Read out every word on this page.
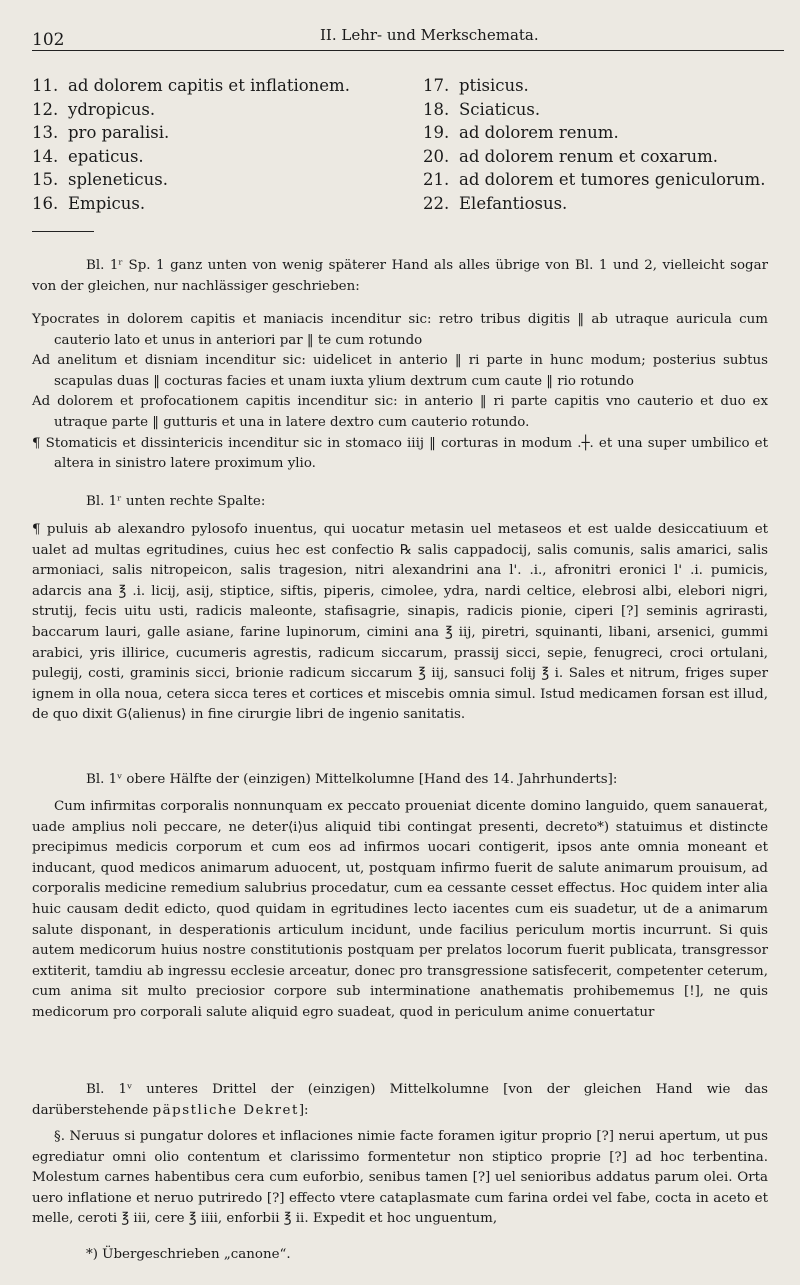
102	II. Lehr- und Merkschemata.
11. ad dolorem capitis et inflationem.
12. ydropicus.
13. pro paralisi.
14. epaticus.
15. spleneticus.
16. Empicus.
17. ptisicus.
18. Sciaticus.
19. ad dolorem renum.
20. ad dolorem renum et coxarum.
21. ad dolorem et tumores geniculorum.
22. Elefantiosus.

Bl. 1ʳ Sp. 1 ganz unten von wenig späterer Hand als alles übrige von Bl. 1 und 2, vielleicht sogar von der gleichen, nur nachlässiger geschrieben:

Ypocrates in dolorem capitis et maniacis incenditur sic: retro tribus digitis ‖ ab utraque auricula cum cauterio lato et unus in anteriori par ‖ te cum rotundo

Ad anelitum et disniam incenditur sic: uidelicet in anterio ‖ ri parte in hunc modum; posterius subtus scapulas duas ‖ cocturas facies et unam iuxta ylium dextrum cum caute ‖ rio rotundo

Ad dolorem et profocationem capitis incenditur sic: in anterio ‖ ri parte capitis vno cauterio et duo ex utraque parte ‖ gutturis et una in latere dextro cum cauterio rotundo.

¶ Stomaticis et dissintericis incenditur sic in stomaco iiij ‖ corturas in modum .┼. et una super umbilico et altera in sinistro latere proximum ylio.

Bl. 1ʳ unten rechte Spalte:

¶ puluis ab alexandro pylosofo inuentus, qui uocatur metasin uel metaseos et est ualde desiccatiuum et ualet ad multas egritudines, cuius hec est confectio ℞ salis cappadocij, salis comunis, salis amarici, salis armoniaci, salis nitropeicon, salis tragesion, nitri alexandrini ana l'. .i., afronitri eronici l' .i. pumicis, adarcis ana ℥ .i. licij, asij, stiptice, siftis, piperis, cimolee, ydra, nardi celtice, elebrosi albi, elebori nigri, strutij, fecis uitu usti, radicis maleonte, stafisagrie, sinapis, radicis pionie, ciperi [?] seminis agrirasti, baccarum lauri, galle asiane, farine lupinorum, cimini ana ℥ iij, piretri, squinanti, libani, arsenici, gummi arabici, yris illirice, cucumeris agrestis, radicum siccarum, prassij sicci, sepie, fenugreci, croci ortulani, pulegij, costi, graminis sicci, brionie radicum siccarum ℥ iij, sansuci folij ℥ i. Sales et nitrum, friges super ignem in olla noua, cetera sicca teres et cortices et miscebis omnia simul. Istud medicamen forsan est illud, de quo dixit G⟨alienus⟩ in fine cirurgie libri de ingenio sanitatis.

Bl. 1ᵛ obere Hälfte der (einzigen) Mittelkolumne [Hand des 14. Jahrhunderts]:

Cum infirmitas corporalis nonnunquam ex peccato proueniat dicente domino languido, quem sanauerat, uade amplius noli peccare, ne deter⟨i⟩us aliquid tibi contingat presenti, decreto*) statuimus et distincte precipimus medicis corporum et cum eos ad infirmos uocari contigerit, ipsos ante omnia moneant et inducant, quod medicos animarum aduocent, ut, postquam infirmo fuerit de salute animarum prouisum, ad corporalis medicine remedium salubrius procedatur, cum ea cessante cesset effectus. Hoc quidem inter alia huic causam dedit edicto, quod quidam in egritudines lecto iacentes cum eis suadetur, ut de a animarum salute disponant, in desperationis articulum incidunt, unde facilius periculum mortis incurrunt. Si quis autem medicorum huius nostre constitutionis postquam per prelatos locorum fuerit publicata, transgressor extiterit, tamdiu ab ingressu ecclesie arceatur, donec pro transgressione satisfecerit, competenter ceterum, cum anima sit multo preciosior corpore sub interminatione anathematis prohibememus [!], ne quis medicorum pro corporali salute aliquid egro suadeat, quod in periculum anime conuertatur

Bl. 1ᵛ unteres Drittel der (einzigen) Mittelkolumne [von der gleichen Hand wie das darüberstehende päpstliche Dekret]:

§. Neruus si pungatur dolores et inflaciones nimie facte foramen igitur proprio [?] nerui apertum, ut pus egrediatur omni olio contentum et clarissimo formentetur non stiptico proprie [?] ad hoc terbentina. Molestum carnes habentibus cera cum euforbio, senibus tamen [?] uel senioribus addatus parum olei. Orta uero inflatione et neruo putriredo [?] effecto vtere cataplasmate cum farina ordei vel fabe, cocta in aceto et melle, ceroti ℥ iii, cere ℥ iiii, enforbii ℥ ii. Expedit et hoc unguentum,

*) Übergeschrieben „canone“.
